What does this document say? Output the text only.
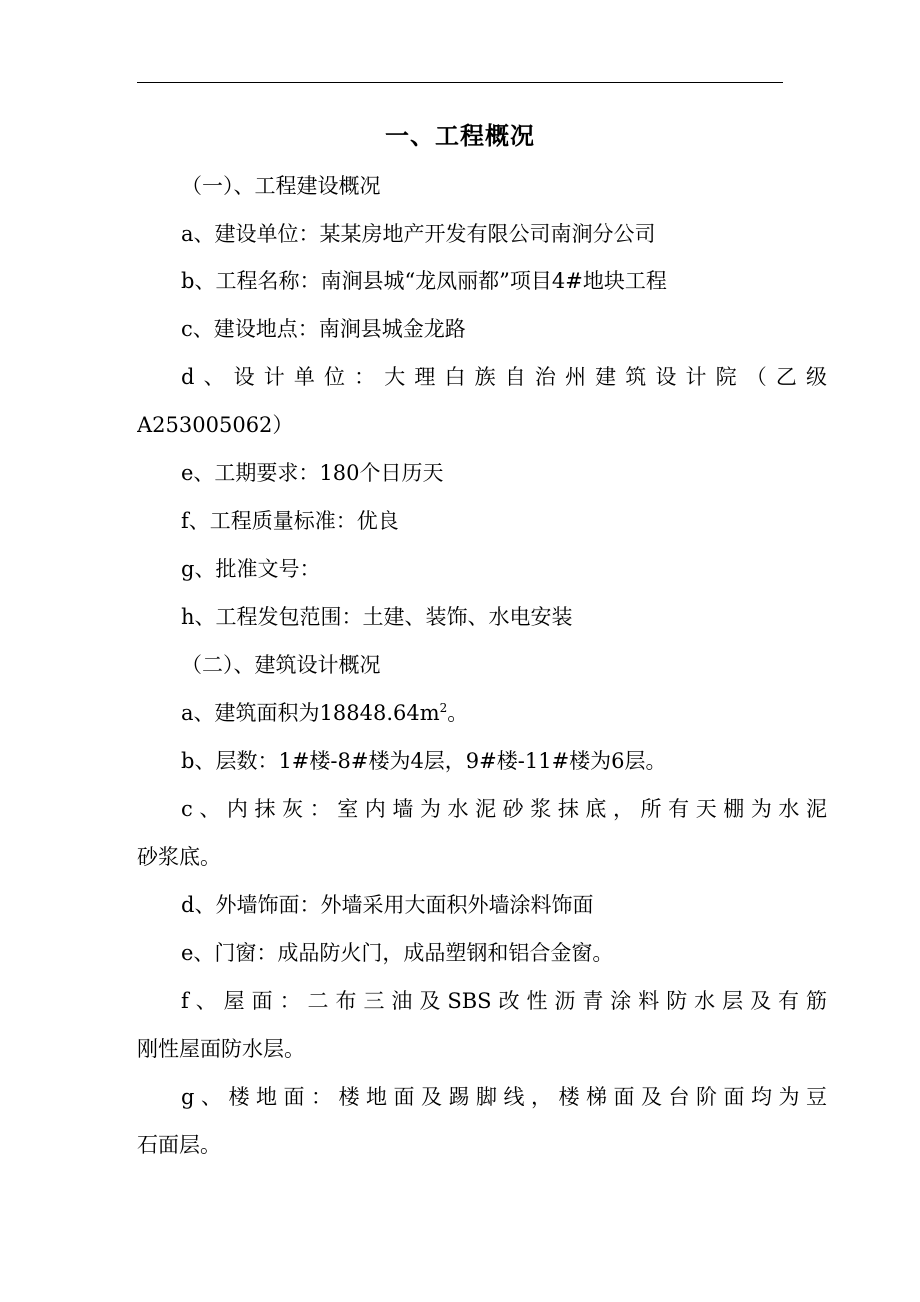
一、工程概况
（一）、工程建设概况
a、建设单位：某某房地产开发有限公司南涧分公司
b、工程名称：南涧县城“龙凤丽都”项目4#地块工程
c、建设地点：南涧县城金龙路
d、设计单位：大理白族自治州建筑设计院（乙级
A253005062）
e、工期要求：180个日历天
f、工程质量标准：优良
g、批准文号：
h、工程发包范围：土建、装饰、水电安装
（二）、建筑设计概况
a、建筑面积为$18848.64m^2$。
b、层数：1#楼-8#楼为4层，9#楼-11#楼为6层。
c、内抹灰：室内墙为水泥砂浆抹底，所有天棚为水泥
砂浆底。
d、外墙饰面：外墙采用大面积外墙涂料饰面
e、门窗：成品防火门，成品塑钢和铝合金窗。
f、屋面：二布三油及SBS改性沥青涂料防水层及有筋
刚性屋面防水层。
g、楼地面：楼地面及踢脚线，楼梯面及台阶面均为豆
石面层。
